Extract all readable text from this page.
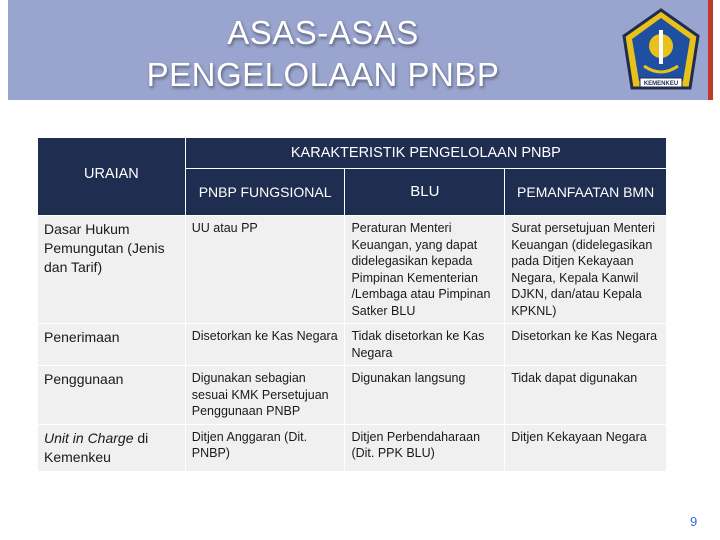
ASAS-ASAS
PENGELOLAAN PNBP	KEMENKEU
URAIAN	KARAKTERISTIK PENGELOLAAN PNBP		
	PNBP FUNGSIONAL	BLU	PEMANFAATAN BMN
Dasar Hukum Pemungutan (Jenis dan Tarif)	UU atau PP	Peraturan Menteri Keuangan, yang dapat didelegasikan kepada Pimpinan Kementerian /Lembaga atau Pimpinan Satker BLU	Surat persetujuan Menteri Keuangan (didelegasikan pada Ditjen Kekayaan Negara, Kepala Kanwil DJKN, dan/atau Kepala KPKNL)
Penerimaan	Disetorkan ke Kas Negara	Tidak disetorkan ke Kas Negara	Disetorkan ke Kas Negara
Penggunaan	Digunakan sebagian sesuai KMK Persetujuan Penggunaan PNBP	Digunakan langsung	Tidak dapat digunakan
Unit in Charge di Kemenkeu	Ditjen Anggaran (Dit. PNBP)	Ditjen Perbendaharaan (Dit. PPK BLU)	Ditjen Kekayaan Negara
9
